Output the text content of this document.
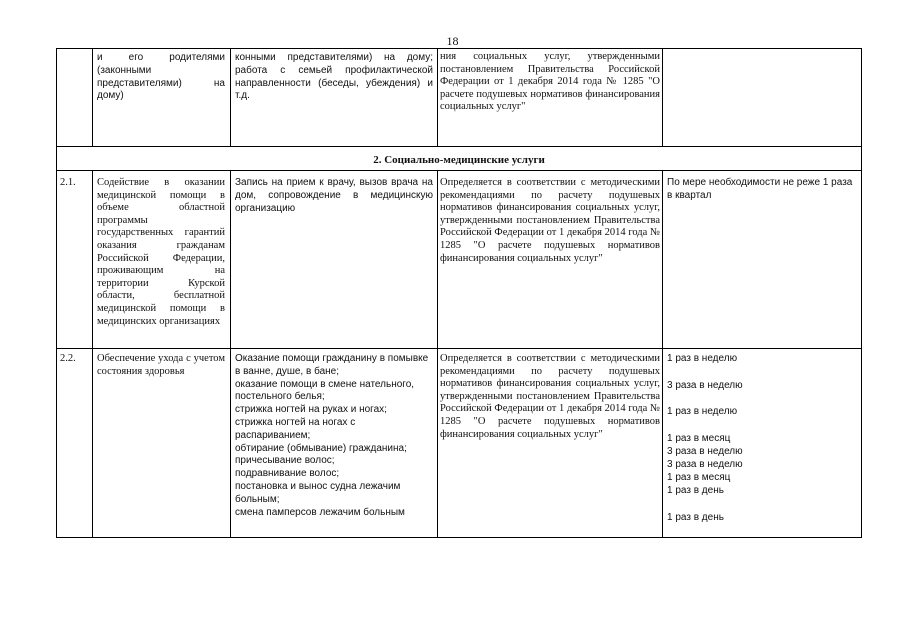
18
и его родителями (законными представителями) на дому)
конными представителями) на дому; работа с семьей профилактической направленности (беседы, убеждения) и т.д.
ния социальных услуг, утвержденными постановлением Правительства Российской Федерации от 1 декабря 2014 года № 1285 "О расчете подушевых нормативов финансирования социальных услуг"
2. Социально-медицинские услуги
2.1. Содействие в оказании медицинской помощи в объеме областной программы государственных гарантий оказания гражданам Российской Федерации, проживающим на территории Курской области, бесплатной медицинской помощи в медицинских организациях
Запись на прием к врачу, вызов врача на дом, сопровождение в медицинскую организацию
Определяется в соответствии с методическими рекомендациями по расчету подушевых нормативов финансирования социальных услуг, утвержденными постановлением Правительства Российской Федерации от 1 декабря 2014 года № 1285 "О расчете подушевых нормативов финансирования социальных услуг"
По мере необходимости не реже 1 раза в квартал
2.2. Обеспечение ухода с учетом состояния здоровья
Оказание помощи гражданину в помывке в ванне, душе, в бане;
оказание помощи в смене нательного, постельного белья;
стрижка ногтей на руках и ногах;
стрижка ногтей на ногах с распариванием;
обтирание (обмывание) гражданина;
причесывание волос;
подравнивание волос;
постановка и вынос судна лежачим больным;
смена памперсов лежачим больным
Определяется в соответствии с методическими рекомендациями по расчету подушевых нормативов финансирования социальных услуг, утвержденными постановлением Правительства Российской Федерации от 1 декабря 2014 года № 1285 "О расчете подушевых нормативов финансирования социальных услуг"
1 раз в неделю
3 раза в неделю
1 раз в неделю
1 раз в месяц
3 раза в неделю
3 раза в неделю
1 раз в месяц
1 раз в день
1 раз в день
